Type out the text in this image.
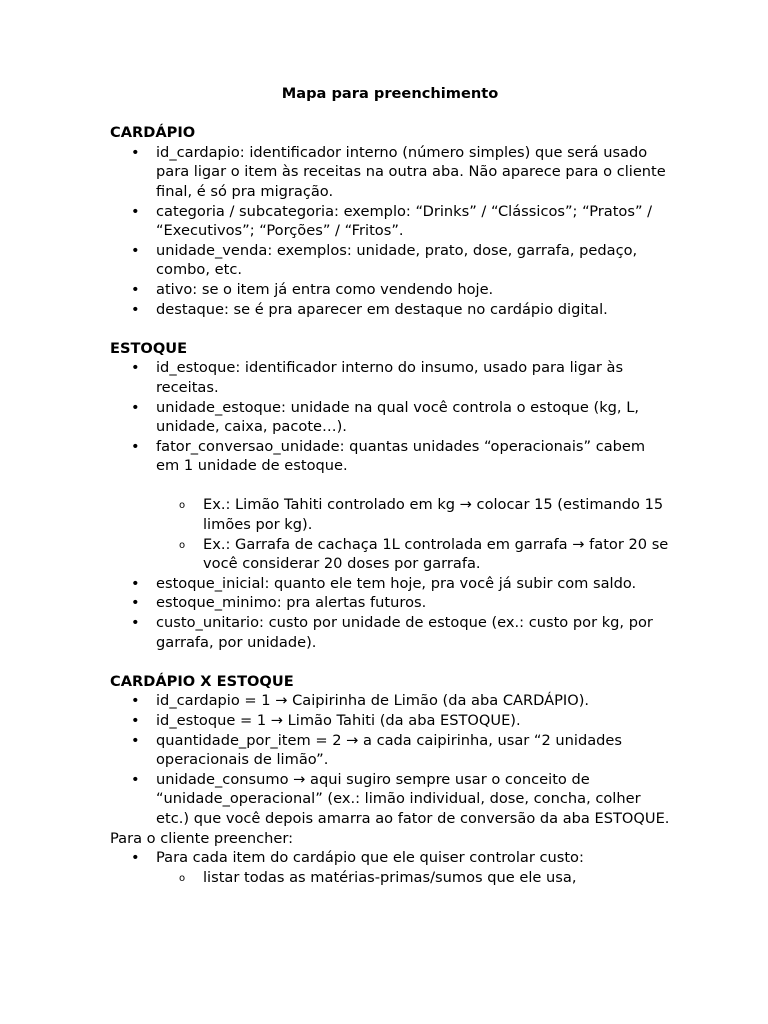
Mapa para preenchimento

CARDÁPIO

• id_cardapio: identificador interno (número simples) que será usado para ligar o item às receitas na outra aba. Não aparece para o cliente final, é só pra migração.
• categoria / subcategoria: exemplo: “Drinks” / “Clássicos”; “Pratos” / “Executivos”; “Porções” / “Fritos”.
• unidade_venda: exemplos: unidade, prato, dose, garrafa, pedaço, combo, etc.
• ativo: se o item já entra como vendendo hoje.
• destaque: se é pra aparecer em destaque no cardápio digital.

ESTOQUE

• id_estoque: identificador interno do insumo, usado para ligar às receitas.
• unidade_estoque: unidade na qual você controla o estoque (kg, L, unidade, caixa, pacote…).
• fator_conversao_unidade: quantas unidades “operacionais” cabem em 1 unidade de estoque.
o Ex.: Limão Tahiti controlado em kg → colocar 15 (estimando 15 limões por kg).
o Ex.: Garrafa de cachaça 1L controlada em garrafa → fator 20 se você considerar 20 doses por garrafa.
• estoque_inicial: quanto ele tem hoje, pra você já subir com saldo.
• estoque_minimo: pra alertas futuros.
• custo_unitario: custo por unidade de estoque (ex.: custo por kg, por garrafa, por unidade).

CARDÁPIO X ESTOQUE

• id_cardapio = 1 → Caipirinha de Limão (da aba CARDÁPIO).
• id_estoque = 1 → Limão Tahiti (da aba ESTOQUE).
• quantidade_por_item = 2 → a cada caipirinha, usar “2 unidades operacionais de limão”.
• unidade_consumo → aqui sugiro sempre usar o conceito de “unidade_operacional” (ex.: limão individual, dose, concha, colher etc.) que você depois amarra ao fator de conversão da aba ESTOQUE.

Para o cliente preencher:

• Para cada item do cardápio que ele quiser controlar custo:
o listar todas as matérias-primas/sumos que ele usa,
